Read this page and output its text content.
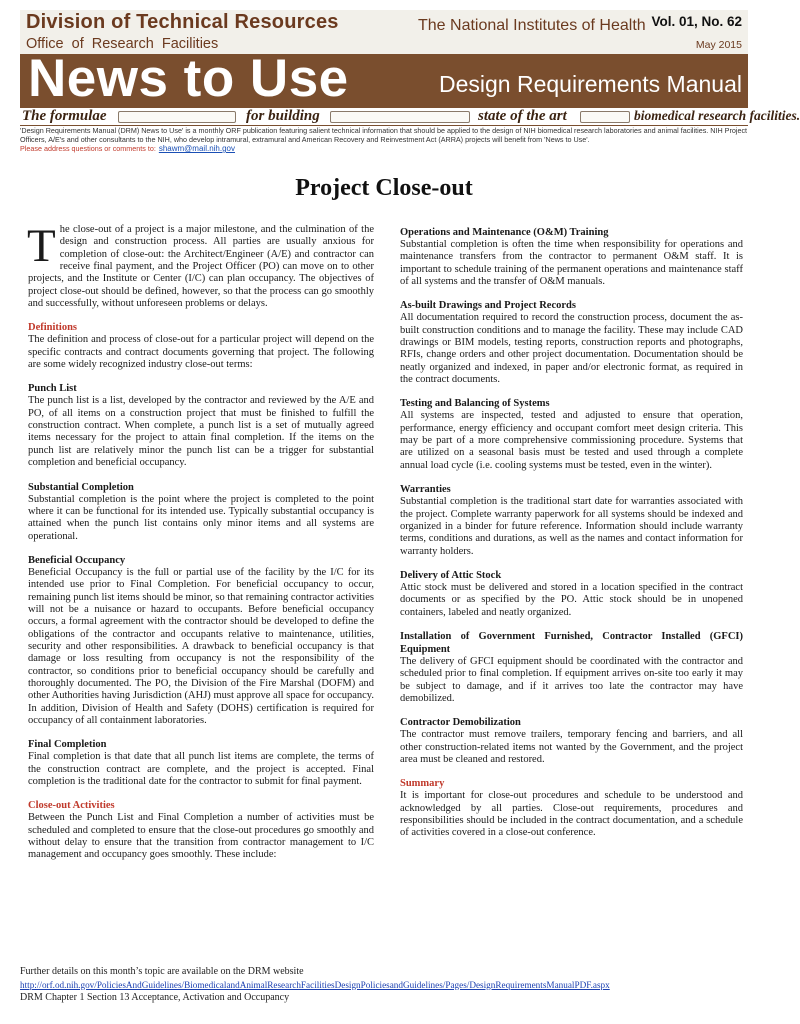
Division of Technical Resources
Office of Research Facilities
The National Institutes of Health Vol. 01, No. 62
May 2015
News to Use	Design Requirements Manual
The formulae	for building	state of the art	biomedical research facilities.
'Design Requirements Manual (DRM) News to Use' is a monthly ORF publication featuring salient technical information that should be applied to the design of NIH biomedical research laboratories and animal facilities. NIH Project Officers, A/E's and other consultants to the NIH, who develop intramural, extramural and American Recovery and Reinvestment Act (ARRA) projects will benefit from 'News to Use'.
Please address questions or comments to: shawm@mail.nih.gov
Project Close-out

The close-out of a project is a major milestone, and the culmination of the design and construction process. All parties are usually anxious for completion of close-out: the Architect/Engineer (A/E) and contractor can receive final payment, and the Project Officer (PO) can move on to other projects, and the Institute or Center (I/C) can plan occupancy. The objectives of project close-out should be defined, however, so that the process can go smoothly and successfully, without unforeseen problems or delays.

Definitions

The definition and process of close-out for a particular project will depend on the specific contracts and contract documents governing that project. The following are some widely recognized industry close-out terms:

Punch List

The punch list is a list, developed by the contractor and reviewed by the A/E and PO, of all items on a construction project that must be finished to fulfill the construction contract. When complete, a punch list is a set of mutually agreed items necessary for the project to attain final completion. If the items on the punch list are relatively minor the punch list can be a trigger for substantial completion and beneficial occupancy.

Substantial Completion

Substantial completion is the point where the project is completed to the point where it can be functional for its intended use. Typically substantial occupancy is attained when the punch list contains only minor items and all systems are operational.

Beneficial Occupancy

Beneficial Occupancy is the full or partial use of the facility by the I/C for its intended use prior to Final Completion. For beneficial occupancy to occur, remaining punch list items should be minor, so that remaining contractor activities will not be a nuisance or hazard to occupants. Before beneficial occupancy occurs, a formal agreement with the contractor should be developed to define the obligations of the contractor and occupants relative to maintenance, utilities, security and other responsibilities. A drawback to beneficial occupancy is that damage or loss resulting from occupancy is not the responsibility of the contractor, so conditions prior to beneficial occupancy should be carefully and thoroughly documented. The PO, the Division of the Fire Marshal (DOFM) and other Authorities having Jurisdiction (AHJ) must approve all space for occupancy. In addition, Division of Health and Safety (DOHS) certification is required for occupancy of all containment laboratories.

Final Completion

Final completion is that date that all punch list items are complete, the terms of the construction contract are complete, and the project is accepted. Final completion is the traditional date for the contractor to submit for final payment.

Close-out Activities

Between the Punch List and Final Completion a number of activities must be scheduled and completed to ensure that the close-out procedures go smoothly and without delay to ensure that the transition from contractor management to I/C management and occupancy goes smoothly. These include:

Operations and Maintenance (O&M) Training

Substantial completion is often the time when responsibility for operations and maintenance transfers from the contractor to permanent O&M staff. It is important to schedule training of the permanent operations and maintenance staff of all systems and the transfer of O&M manuals.

As-built Drawings and Project Records

All documentation required to record the construction process, document the as-built construction conditions and to manage the facility. These may include CAD drawings or BIM models, testing reports, construction reports and photographs, RFIs, change orders and other project documentation. Documentation should be neatly organized and indexed, in paper and/or electronic format, as required in the contract documents.

Testing and Balancing of Systems

All systems are inspected, tested and adjusted to ensure that operation, performance, energy efficiency and occupant comfort meet design criteria. This may be part of a more comprehensive commissioning procedure. Systems that are utilized on a seasonal basis must be tested and used through a complete annual load cycle (i.e. cooling systems must be tested, even in the winter).

Warranties

Substantial completion is the traditional start date for warranties associated with the project. Complete warranty paperwork for all systems should be indexed and organized in a binder for future reference. Information should include warranty terms, conditions and durations, as well as the names and contact information for warranty holders.

Delivery of Attic Stock

Attic stock must be delivered and stored in a location specified in the contract documents or as specified by the PO. Attic stock should be in unopened containers, labeled and neatly organized.

Installation of Government Furnished, Contractor Installed (GFCI) Equipment

The delivery of GFCI equipment should be coordinated with the contractor and scheduled prior to final completion. If equipment arrives on-site too early it may be subject to damage, and if it arrives too late the contractor may have demobilized.

Contractor Demobilization

The contractor must remove trailers, temporary fencing and barriers, and all other construction-related items not wanted by the Government, and the project area must be cleaned and restored.

Summary

It is important for close-out procedures and schedule to be understood and acknowledged by all parties. Close-out requirements, procedures and responsibilities should be included in the contract documentation, and a schedule of activities covered in a close-out conference.

Further details on this month’s topic are available on the DRM website
http://orf.od.nih.gov/PoliciesAndGuidelines/BiomedicalandAnimalResearchFacilitiesDesignPoliciesandGuidelines/Pages/DesignRequirementsManualPDF.aspx
DRM Chapter 1 Section 13 Acceptance, Activation and Occupancy
